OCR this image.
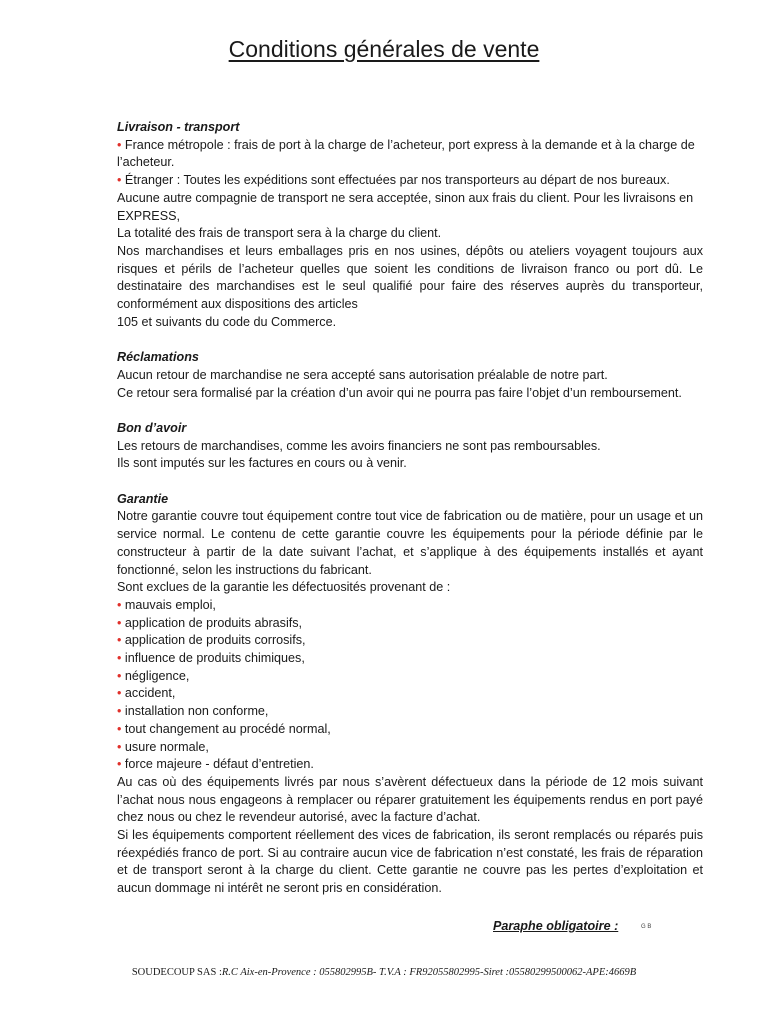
Conditions générales de vente
Livraison - transport
• France métropole : frais de port à la charge de l’acheteur, port express à la demande et à la charge de l’acheteur.
• Étranger : Toutes les expéditions sont effectuées par nos transporteurs au départ de nos bureaux.
Aucune autre compagnie de transport ne sera acceptée, sinon aux frais du client. Pour les livraisons en EXPRESS,
La totalité des frais de transport sera à la charge du client.
Nos marchandises et leurs emballages pris en nos usines, dépôts ou ateliers voyagent toujours aux risques et périls de l’acheteur quelles que soient les conditions de livraison franco ou port dû. Le destinataire des marchandises est le seul qualifié pour faire des réserves auprès du transporteur, conformément aux dispositions des articles
105 et suivants du code du Commerce.
Réclamations
Aucun retour de marchandise ne sera accepté sans autorisation préalable de notre part.
Ce retour sera formalisé par la création d’un avoir qui ne pourra pas faire l’objet d’un remboursement.
Bon d’avoir
Les retours de marchandises, comme les avoirs financiers ne sont pas remboursables.
Ils sont imputés sur les factures en cours ou à venir.
Garantie
Notre garantie couvre tout équipement contre tout vice de fabrication ou de matière, pour un usage et un service normal. Le contenu de cette garantie couvre les équipements pour la période définie par le constructeur à partir de la date suivant l’achat, et s’applique à des équipements installés et ayant fonctionné, selon les instructions du fabricant.
Sont exclues de la garantie les défectuosités provenant de :
• mauvais emploi,
• application de produits abrasifs,
• application de produits corrosifs,
• influence de produits chimiques,
• négligence,
• accident,
• installation non conforme,
• tout changement au procédé normal,
• usure normale,
• force majeure - défaut d’entretien.
Au cas où des équipements livrés par nous s’avèrent défectueux dans la période de 12 mois suivant l’achat nous nous engageons à remplacer ou réparer gratuitement les équipements rendus en port payé chez nous ou chez le revendeur autorisé, avec la facture d’achat.
Si les équipements comportent réellement des vices de fabrication, ils seront remplacés ou réparés puis réexpédiés franco de port. Si au contraire aucun vice de fabrication n’est constaté, les frais de réparation et de transport seront à la charge du client. Cette garantie ne couvre pas les pertes d’exploitation et aucun dommage ni intérêt ne seront pris en considération.
Paraphe obligatoire :	G B
SOUDECOUP SAS :R.C Aix-en-Provence : 055802995B- T.V.A : FR92055802995-Siret :05580299500062-APE:4669B
